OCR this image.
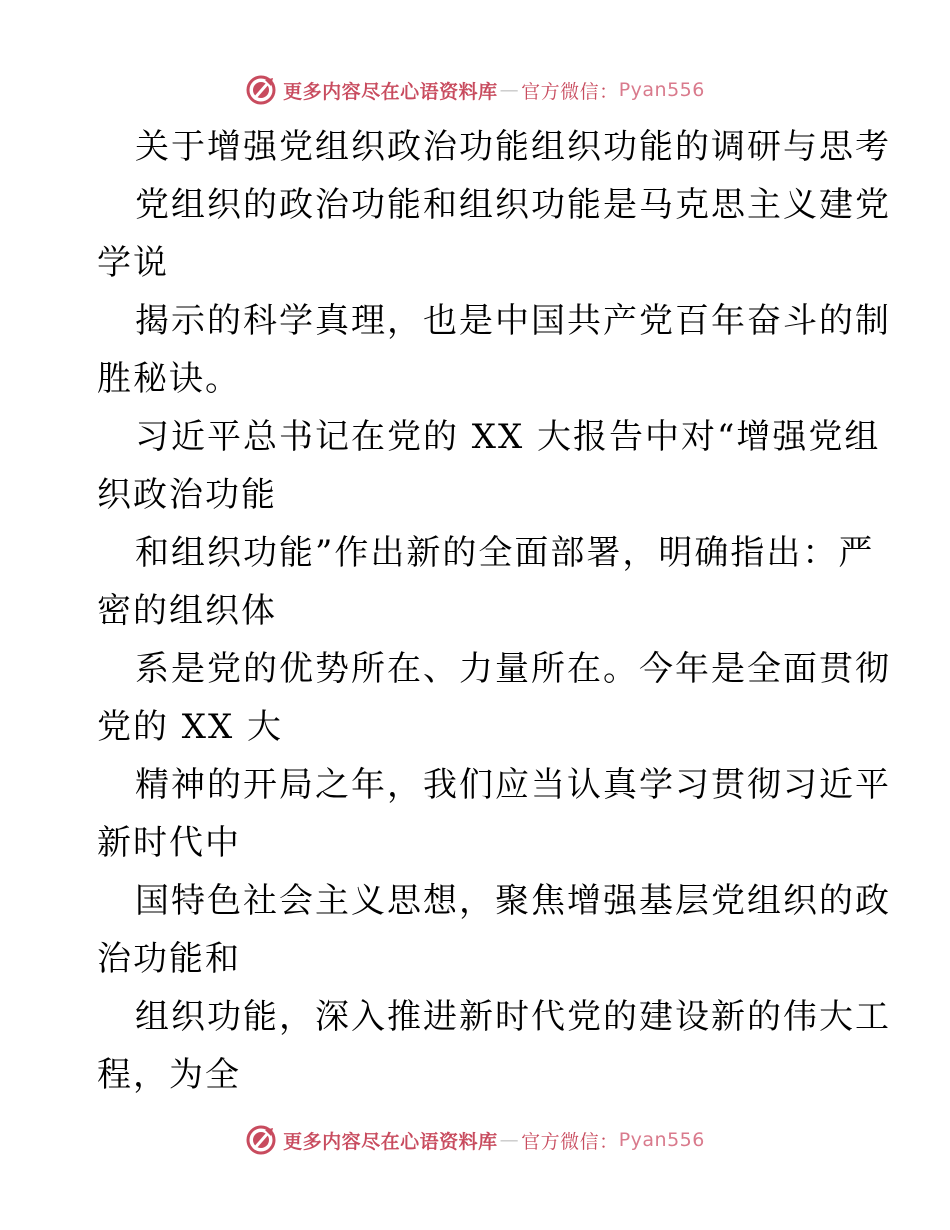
更多内容尽在心语资料库 — 官方微信： Pyan556
关于增强党组织政治功能组织功能的调研与思考
党组织的政治功能和组织功能是马克思主义建党
学说
揭示的科学真理，也是中国共产党百年奋斗的制
胜秘诀。
习近平总书记在党的 XX 大报告中对“增强党组
织政治功能
和组织功能”作出新的全面部署，明确指出：严
密的组织体
系是党的优势所在、力量所在。今年是全面贯彻
党的 XX 大
精神的开局之年，我们应当认真学习贯彻习近平
新时代中
国特色社会主义思想，聚焦增强基层党组织的政
治功能和
组织功能，深入推进新时代党的建设新的伟大工
程，为全
更多内容尽在心语资料库 — 官方微信： Pyan556
